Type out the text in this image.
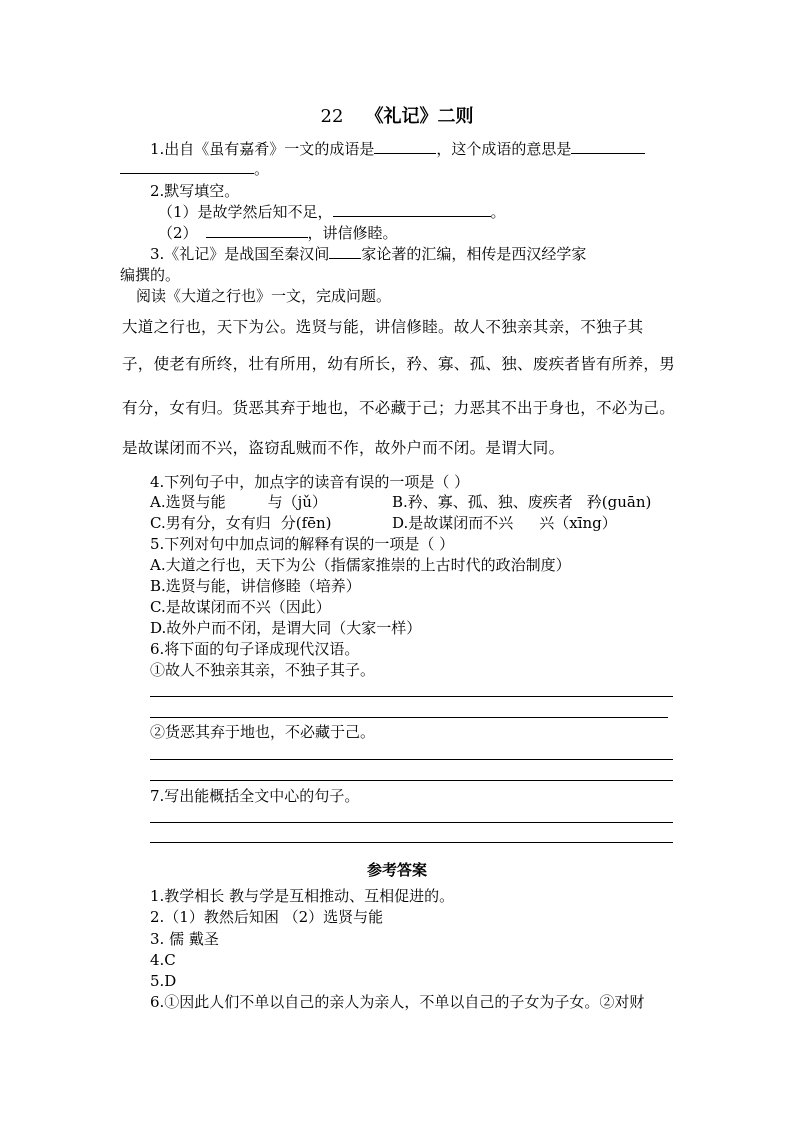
22 《礼记》二则
1.出自《虽有嘉肴》一文的成语是	，这个成语的意思是
。
2.默写填空。
（1）是故学然后知不足，	。
（2）	，讲信修睦。
3.《礼记》是战国至秦汉间 家论著的汇编，相传是西汉经学家
编撰的。
阅读《大道之行也》一文，完成问题。
大道之行也，天下为公。选贤与能，讲信修睦。故人不独亲其亲，不独子其
子，使老有所终，壮有所用，幼有所长，矜、寡、孤、独、废疾者皆有所养，男
有分，女有归。货恶其弃于地也，不必藏于己；力恶其不出于身也，不必为己。
是故谋闭而不兴，盗窃乱贼而不作，故外户而不闭。是谓大同。
4.下列句子中，加点字的读音有误的一项是（ ）
A.选贤与能	与（jǔ）	B.矜、寡、孤、独、废疾者 矜(guān)
C.男有分，女有归 分(fēn)	D.是故谋闭而不兴 兴（xīng）
5.下列对句中加点词的解释有误的一项是（ ）
A.大道之行也，天下为公（指儒家推崇的上古时代的政治制度）
B.选贤与能，讲信修睦（培养）
C.是故谋闭而不兴（因此）
D.故外户而不闭，是谓大同（大家一样）
6.将下面的句子译成现代汉语。
①故人不独亲其亲，不独子其子。
②货恶其弃于地也，不必藏于己。
7.写出能概括全文中心的句子。
参考答案
1.教学相长 教与学是互相推动、互相促进的。
2.（1）教然后知困 （2）选贤与能
3. 儒 戴圣
4.C
5.D
6.①因此人们不单以自己的亲人为亲人，不单以自己的子女为子女。②对财
